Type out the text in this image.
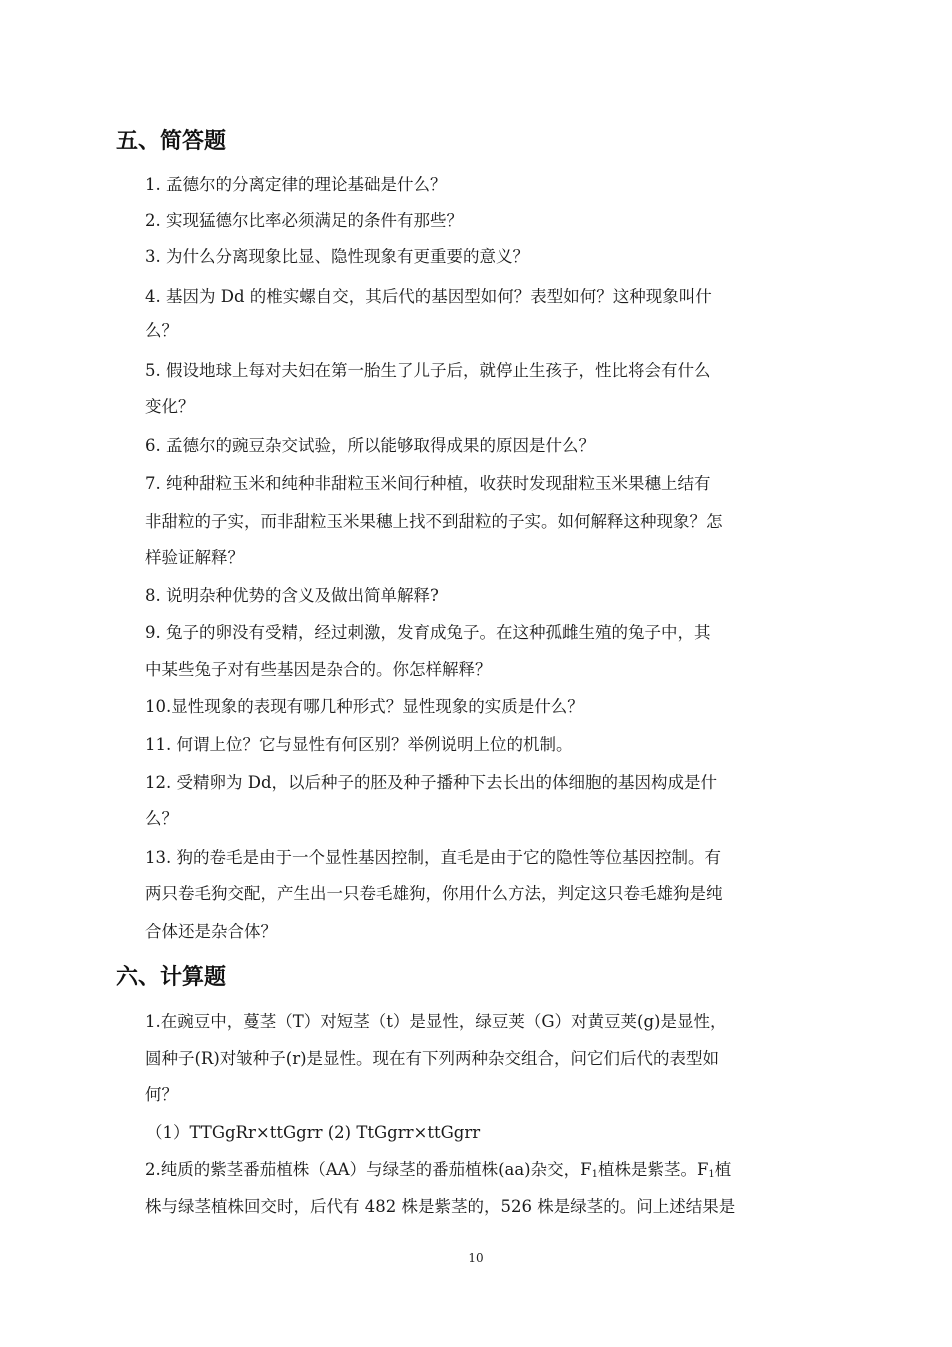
五、简答题
1. 孟德尔的分离定律的理论基础是什么？
2. 实现猛德尔比率必须满足的条件有那些？
3. 为什么分离现象比显、隐性现象有更重要的意义？
4. 基因为 Dd 的椎实螺自交，其后代的基因型如何？表型如何？这种现象叫什
么？
5. 假设地球上每对夫妇在第一胎生了儿子后，就停止生孩子，性比将会有什么
变化？
6. 孟德尔的豌豆杂交试验，所以能够取得成果的原因是什么？
7. 纯种甜粒玉米和纯种非甜粒玉米间行种植，收获时发现甜粒玉米果穗上结有
非甜粒的子实，而非甜粒玉米果穗上找不到甜粒的子实。如何解释这种现象？怎
样验证解释？
8. 说明杂种优势的含义及做出简单解释?
9. 兔子的卵没有受精，经过刺激，发育成兔子。在这种孤雌生殖的兔子中，其
中某些兔子对有些基因是杂合的。你怎样解释？
10.显性现象的表现有哪几种形式？显性现象的实质是什么？
11. 何谓上位？它与显性有何区别？举例说明上位的机制。
12. 受精卵为 Dd，以后种子的胚及种子播种下去长出的体细胞的基因构成是什
么？
13. 狗的卷毛是由于一个显性基因控制，直毛是由于它的隐性等位基因控制。有
两只卷毛狗交配，产生出一只卷毛雄狗，你用什么方法，判定这只卷毛雄狗是纯
合体还是杂合体？
六、计算题
1.在豌豆中，蔓茎（T）对短茎（t）是显性，绿豆荚（G）对黄豆荚(g)是显性，
圆种子(R)对皱种子(r)是显性。现在有下列两种杂交组合，问它们后代的表型如
何？
（1）TTGgRr×ttGgrr (2) TtGgrr×ttGgrr
2.纯质的紫茎番茄植株（AA）与绿茎的番茄植株(aa)杂交，$F_1$植株是紫茎。$F_1$植
株与绿茎植株回交时，后代有 482 株是紫茎的，526 株是绿茎的。问上述结果是
10
